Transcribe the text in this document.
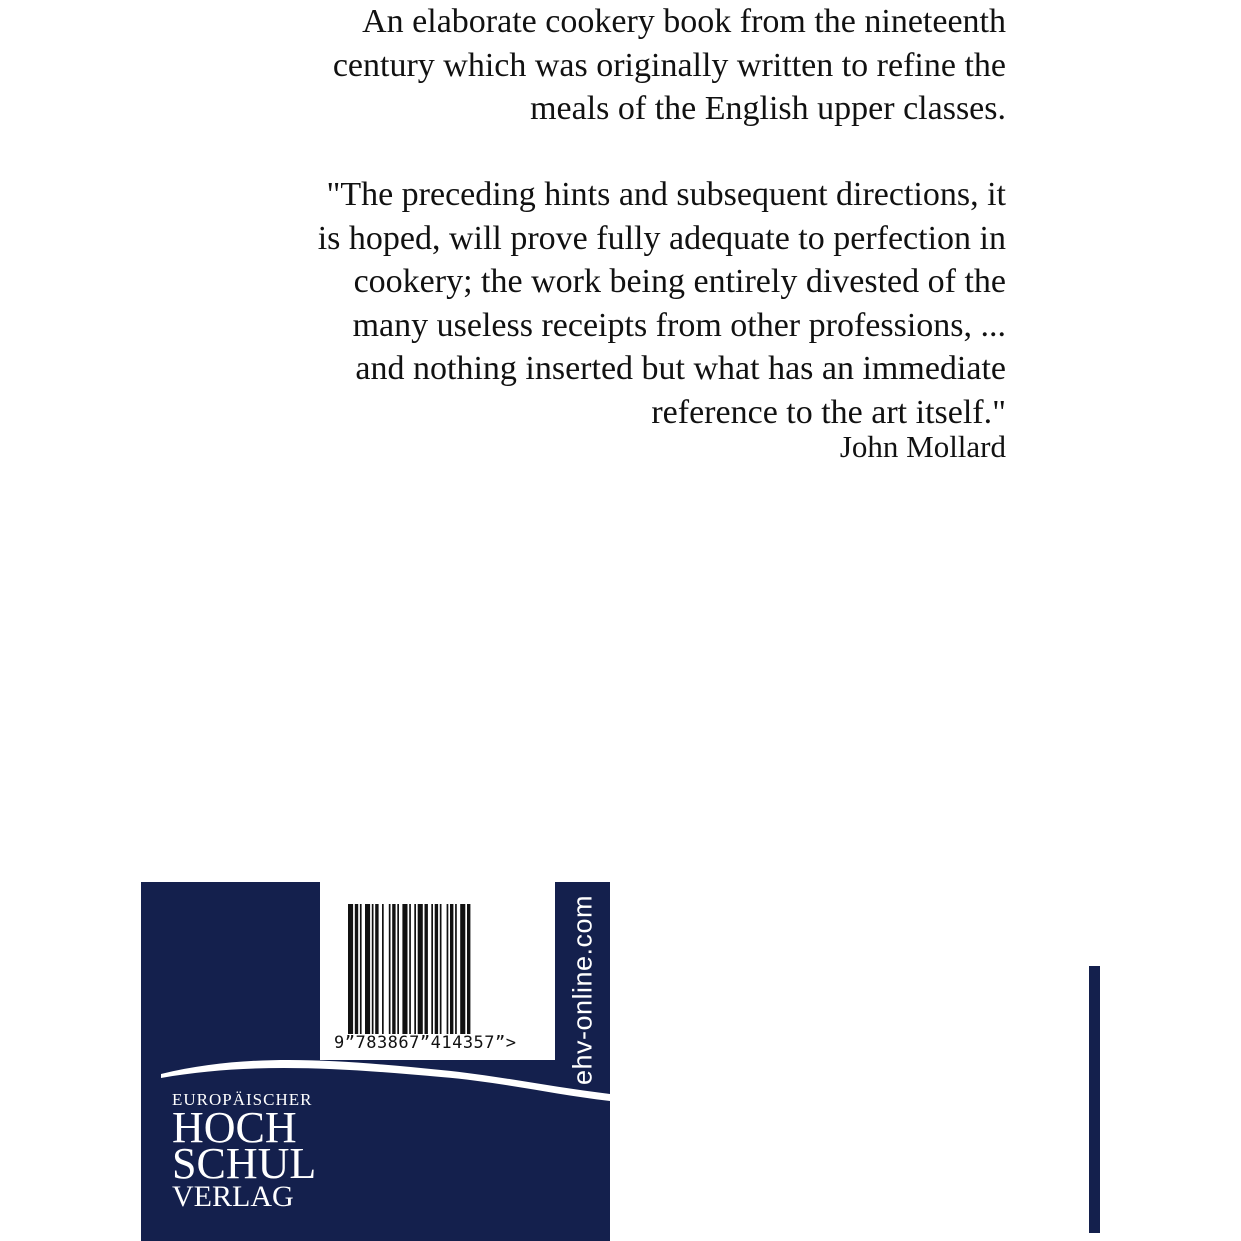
An elaborate cookery book from the nineteenth

century which was originally written to refine the

meals of the English upper classes.

"The preceding hints and subsequent directions, it

is hoped, will prove fully adequate to perfection in

cookery; the work being entirely divested of the

many useless receipts from other professions, ...

and nothing inserted but what has an immediate

reference to the art itself."

John Mollard
9”783867”414357”> ehv-online.com
EUROPÄISCHER
HOCH
SCHUL
VERLAG
